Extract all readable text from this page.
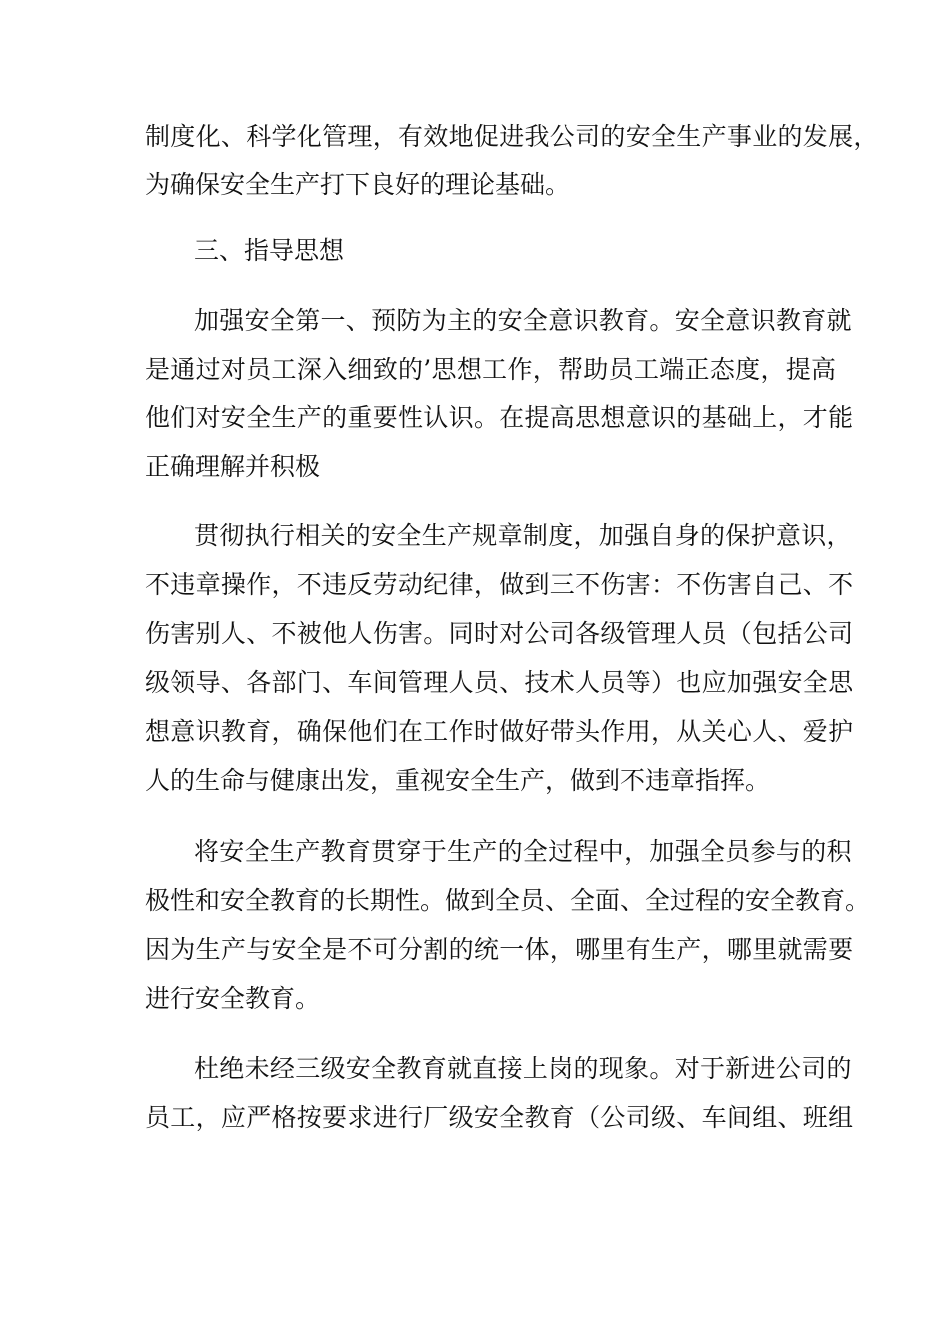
制度化、科学化管理，有效地促进我公司的安全生产事业的发展，
为确保安全生产打下良好的理论基础。
三、指导思想
加强安全第一、预防为主的安全意识教育。安全意识教育就
是通过对员工深入细致的’思想工作，帮助员工端正态度，提高
他们对安全生产的重要性认识。在提高思想意识的基础上，才能
正确理解并积极
贯彻执行相关的安全生产规章制度，加强自身的保护意识，
不违章操作，不违反劳动纪律，做到三不伤害：不伤害自己、不
伤害别人、不被他人伤害。同时对公司各级管理人员（包括公司
级领导、各部门、车间管理人员、技术人员等）也应加强安全思
想意识教育，确保他们在工作时做好带头作用，从关心人、爱护
人的生命与健康出发，重视安全生产，做到不违章指挥。
将安全生产教育贯穿于生产的全过程中，加强全员参与的积
极性和安全教育的长期性。做到全员、全面、全过程的安全教育。
因为生产与安全是不可分割的统一体，哪里有生产，哪里就需要
进行安全教育。
杜绝未经三级安全教育就直接上岗的现象。对于新进公司的
员工，应严格按要求进行厂级安全教育（公司级、车间组、班组
